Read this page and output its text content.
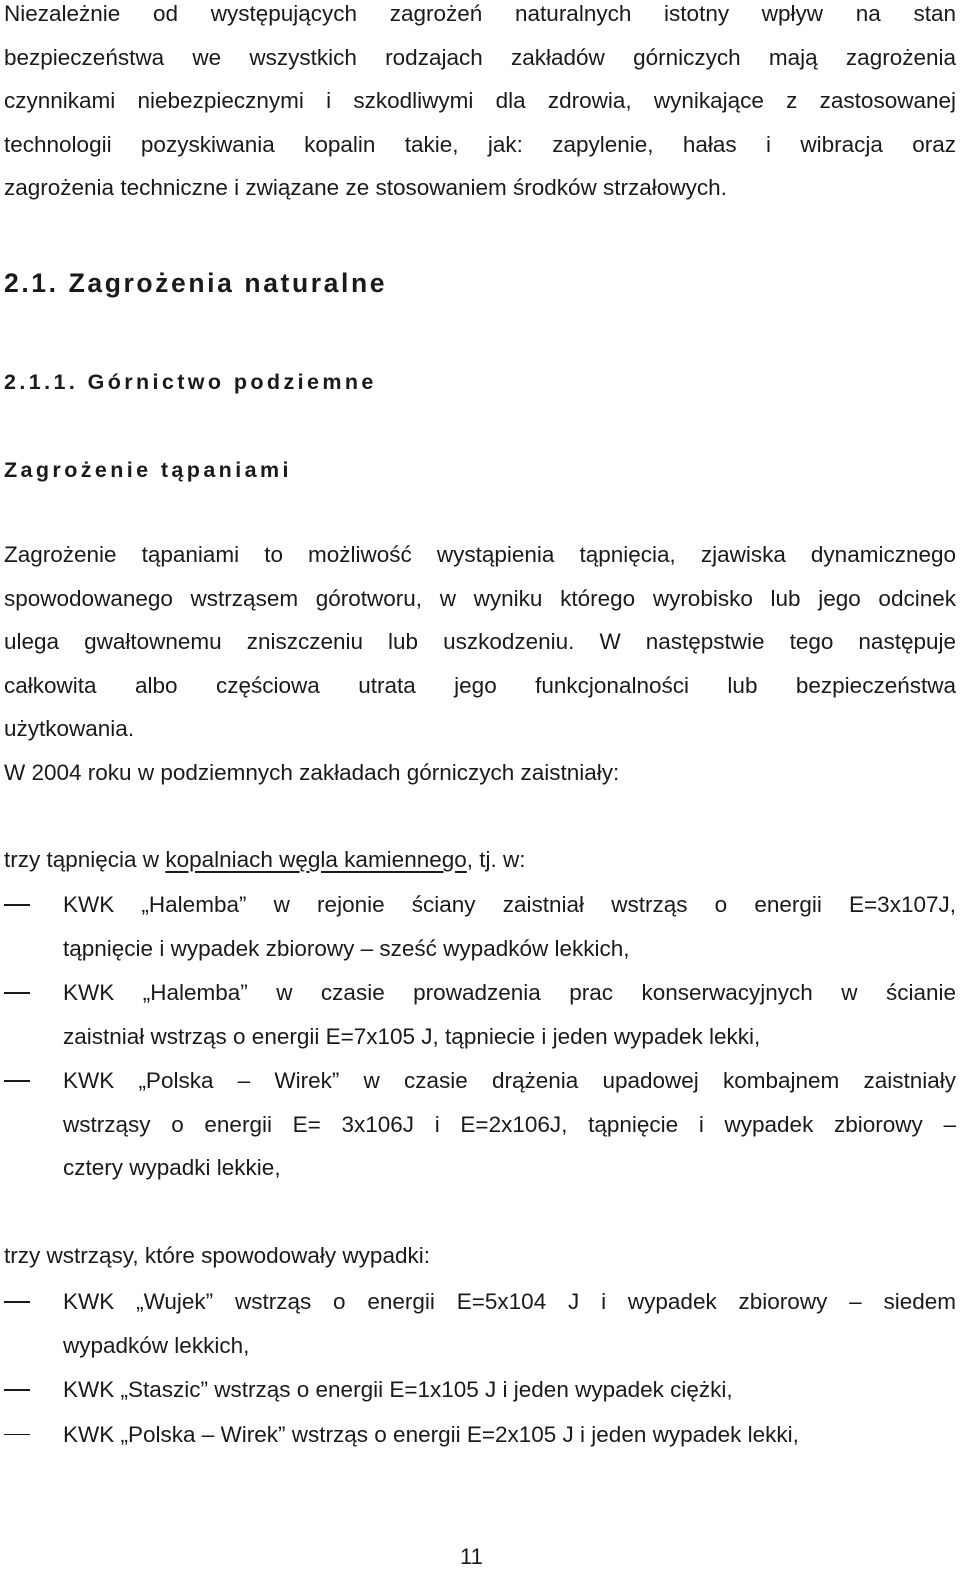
Niezależnie od występujących zagrożeń naturalnych istotny wpływ na stan
bezpieczeństwa we wszystkich rodzajach zakładów górniczych mają zagrożenia
czynnikami niebezpiecznymi i szkodliwymi dla zdrowia, wynikające z zastosowanej
technologii pozyskiwania kopalin takie, jak: zapylenie, hałas i wibracja oraz
zagrożenia techniczne i związane ze stosowaniem środków strzałowych.
2.1. Zagrożenia naturalne
2.1.1. Górnictwo podziemne
Zagrożenie tąpaniami
Zagrożenie tąpaniami to możliwość wystąpienia tąpnięcia, zjawiska dynamicznego
spowodowanego wstrząsem górotworu, w wyniku którego wyrobisko lub jego odcinek
ulega gwałtownemu zniszczeniu lub uszkodzeniu. W następstwie tego następuje
całkowita albo częściowa utrata jego funkcjonalności lub bezpieczeństwa
użytkowania.
W 2004 roku w podziemnych zakładach górniczych zaistniały:
trzy tąpnięcia w kopalniach węgla kamiennego, tj. w:
KWK „Halemba” w rejonie ściany zaistniał wstrząs o energii E=3x107J,
tąpnięcie i wypadek zbiorowy – sześć wypadków lekkich,
KWK „Halemba” w czasie prowadzenia prac konserwacyjnych w ścianie
zaistniał wstrząs o energii E=7x105 J, tąpniecie i jeden wypadek lekki,
KWK „Polska – Wirek” w czasie drążenia upadowej kombajnem zaistniały
wstrząsy o energii E= 3x106J i E=2x106J, tąpnięcie i wypadek zbiorowy –
cztery wypadki lekkie,
trzy wstrząsy, które spowodowały wypadki:
KWK „Wujek” wstrząs o energii E=5x104 J i wypadek zbiorowy – siedem
wypadków lekkich,
KWK „Staszic” wstrząs o energii E=1x105 J i jeden wypadek ciężki,
KWK „Polska – Wirek” wstrząs o energii E=2x105 J i jeden wypadek lekki,
11
